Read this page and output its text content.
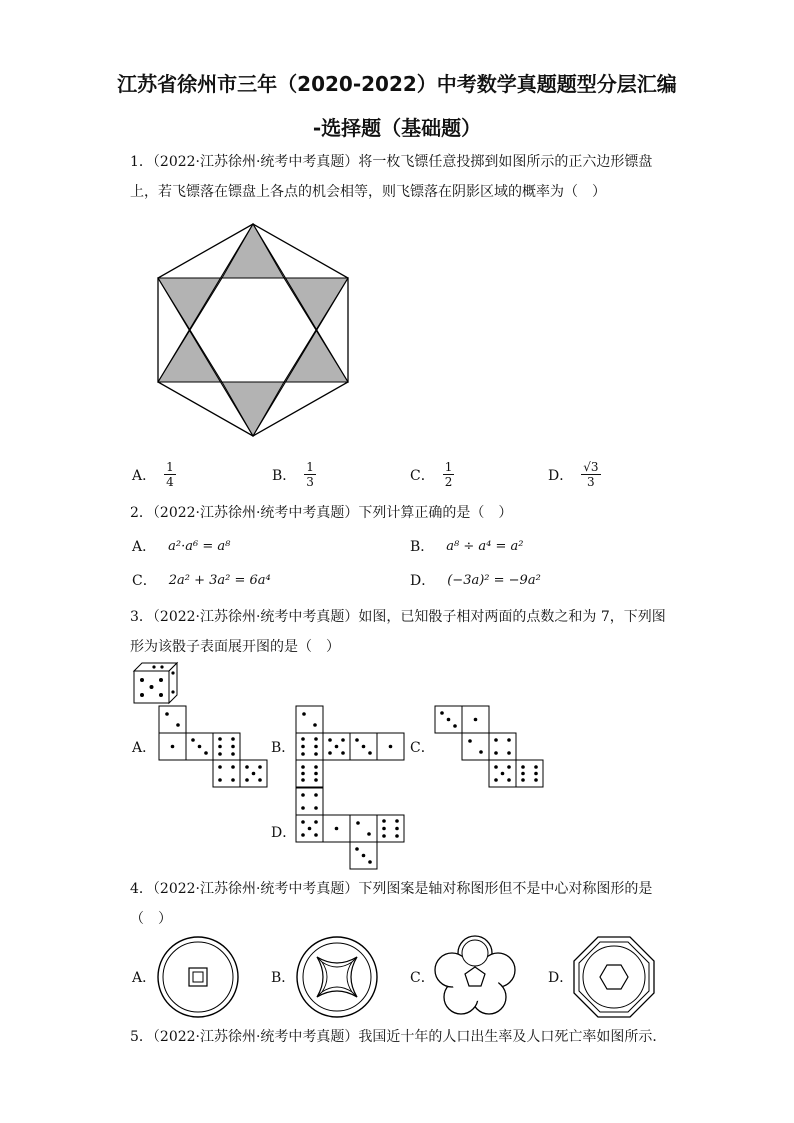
江苏省徐州市三年（2020-2022）中考数学真题题型分层汇编
-选择题（基础题）
1．（2022·江苏徐州·统考中考真题）将一枚飞镖任意投掷到如图所示的正六边形镖盘上，若飞镖落在镖盘上各点的机会相等，则飞镖落在阴影区域的概率为（　）
A． $\frac{1}{4}$	B． $\frac{1}{3}$	C． $\frac{1}{2}$	D． $\frac{√3}{3}$
2．（2022·江苏徐州·统考中考真题）下列计算正确的是（　）
A． a²·a⁶ = a⁸	B． a⁸ ÷ a⁴ = a²
C． 2a² + 3a² = 6a⁴	D． (−3a)² = −9a²
3．（2022·江苏徐州·统考中考真题）如图，已知骰子相对两面的点数之和为 7，下列图形为该骰子表面展开图的是（　）
A．	B．	C．
D．
4．（2022·江苏徐州·统考中考真题）下列图案是轴对称图形但不是中心对称图形的是（　）
A．	B．	C．	D．
5．（2022·江苏徐州·统考中考真题）我国近十年的人口出生率及人口死亡率如图所示．
